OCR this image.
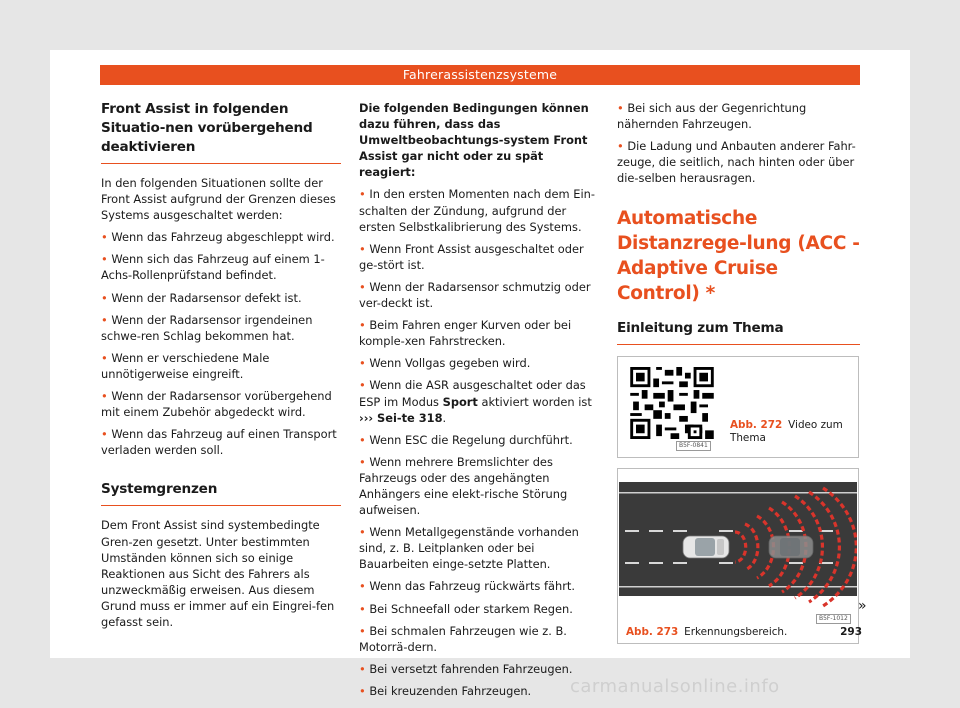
Fahrerassistenzsysteme
Front Assist in folgenden Situatio-nen vorübergehend deaktivieren

In den folgenden Situationen sollte der Front Assist aufgrund der Grenzen dieses Systems ausgeschaltet werden:

• Wenn das Fahrzeug abgeschleppt wird.

• Wenn sich das Fahrzeug auf einem 1-Achs-Rollenprüfstand befindet.

• Wenn der Radarsensor defekt ist.

• Wenn der Radarsensor irgendeinen schwe-ren Schlag bekommen hat.

• Wenn er verschiedene Male unnötigerweise eingreift.

• Wenn der Radarsensor vorübergehend mit einem Zubehör abgedeckt wird.

• Wenn das Fahrzeug auf einen Transport verladen werden soll.

Systemgrenzen

Dem Front Assist sind systembedingte Gren-zen gesetzt. Unter bestimmten Umständen können sich so einige Reaktionen aus Sicht des Fahrers als unzweckmäßig erweisen. Aus diesem Grund muss er immer auf ein Eingrei-fen gefasst sein.

Die folgenden Bedingungen können dazu führen, dass das Umweltbeobachtungs-system Front Assist gar nicht oder zu spät reagiert:

• In den ersten Momenten nach dem Ein-schalten der Zündung, aufgrund der ersten Selbstkalibrierung des Systems.

• Wenn Front Assist ausgeschaltet oder ge-stört ist.

• Wenn der Radarsensor schmutzig oder ver-deckt ist.

• Beim Fahren enger Kurven oder bei komple-xen Fahrstrecken.

• Wenn Vollgas gegeben wird.

• Wenn die ASR ausgeschaltet oder das ESP im Modus Sport aktiviert worden ist ››› Sei-te 318.

• Wenn ESC die Regelung durchführt.

• Wenn mehrere Bremslichter des Fahrzeugs oder des angehängten Anhängers eine elekt-rische Störung aufweisen.

• Wenn Metallgegenstände vorhanden sind, z. B. Leitplanken oder bei Bauarbeiten einge-setzte Platten.

• Wenn das Fahrzeug rückwärts fährt.

• Bei Schneefall oder starkem Regen.

• Bei schmalen Fahrzeugen wie z. B. Motorrä-dern.

• Bei versetzt fahrenden Fahrzeugen.

• Bei kreuzenden Fahrzeugen.

• Bei sich aus der Gegenrichtung nähernden Fahrzeugen.

• Die Ladung und Anbauten anderer Fahr-zeuge, die seitlich, nach hinten oder über die-selben herausragen.

Automatische Distanzrege-lung (ACC - Adaptive Cruise Control) *
Einleitung zum Thema
B5F-0841
Abb. 272 Video zum Thema
B5F-1012
Abb. 273 Erkennungsbereich.
»
293
carmanualsonline.info
